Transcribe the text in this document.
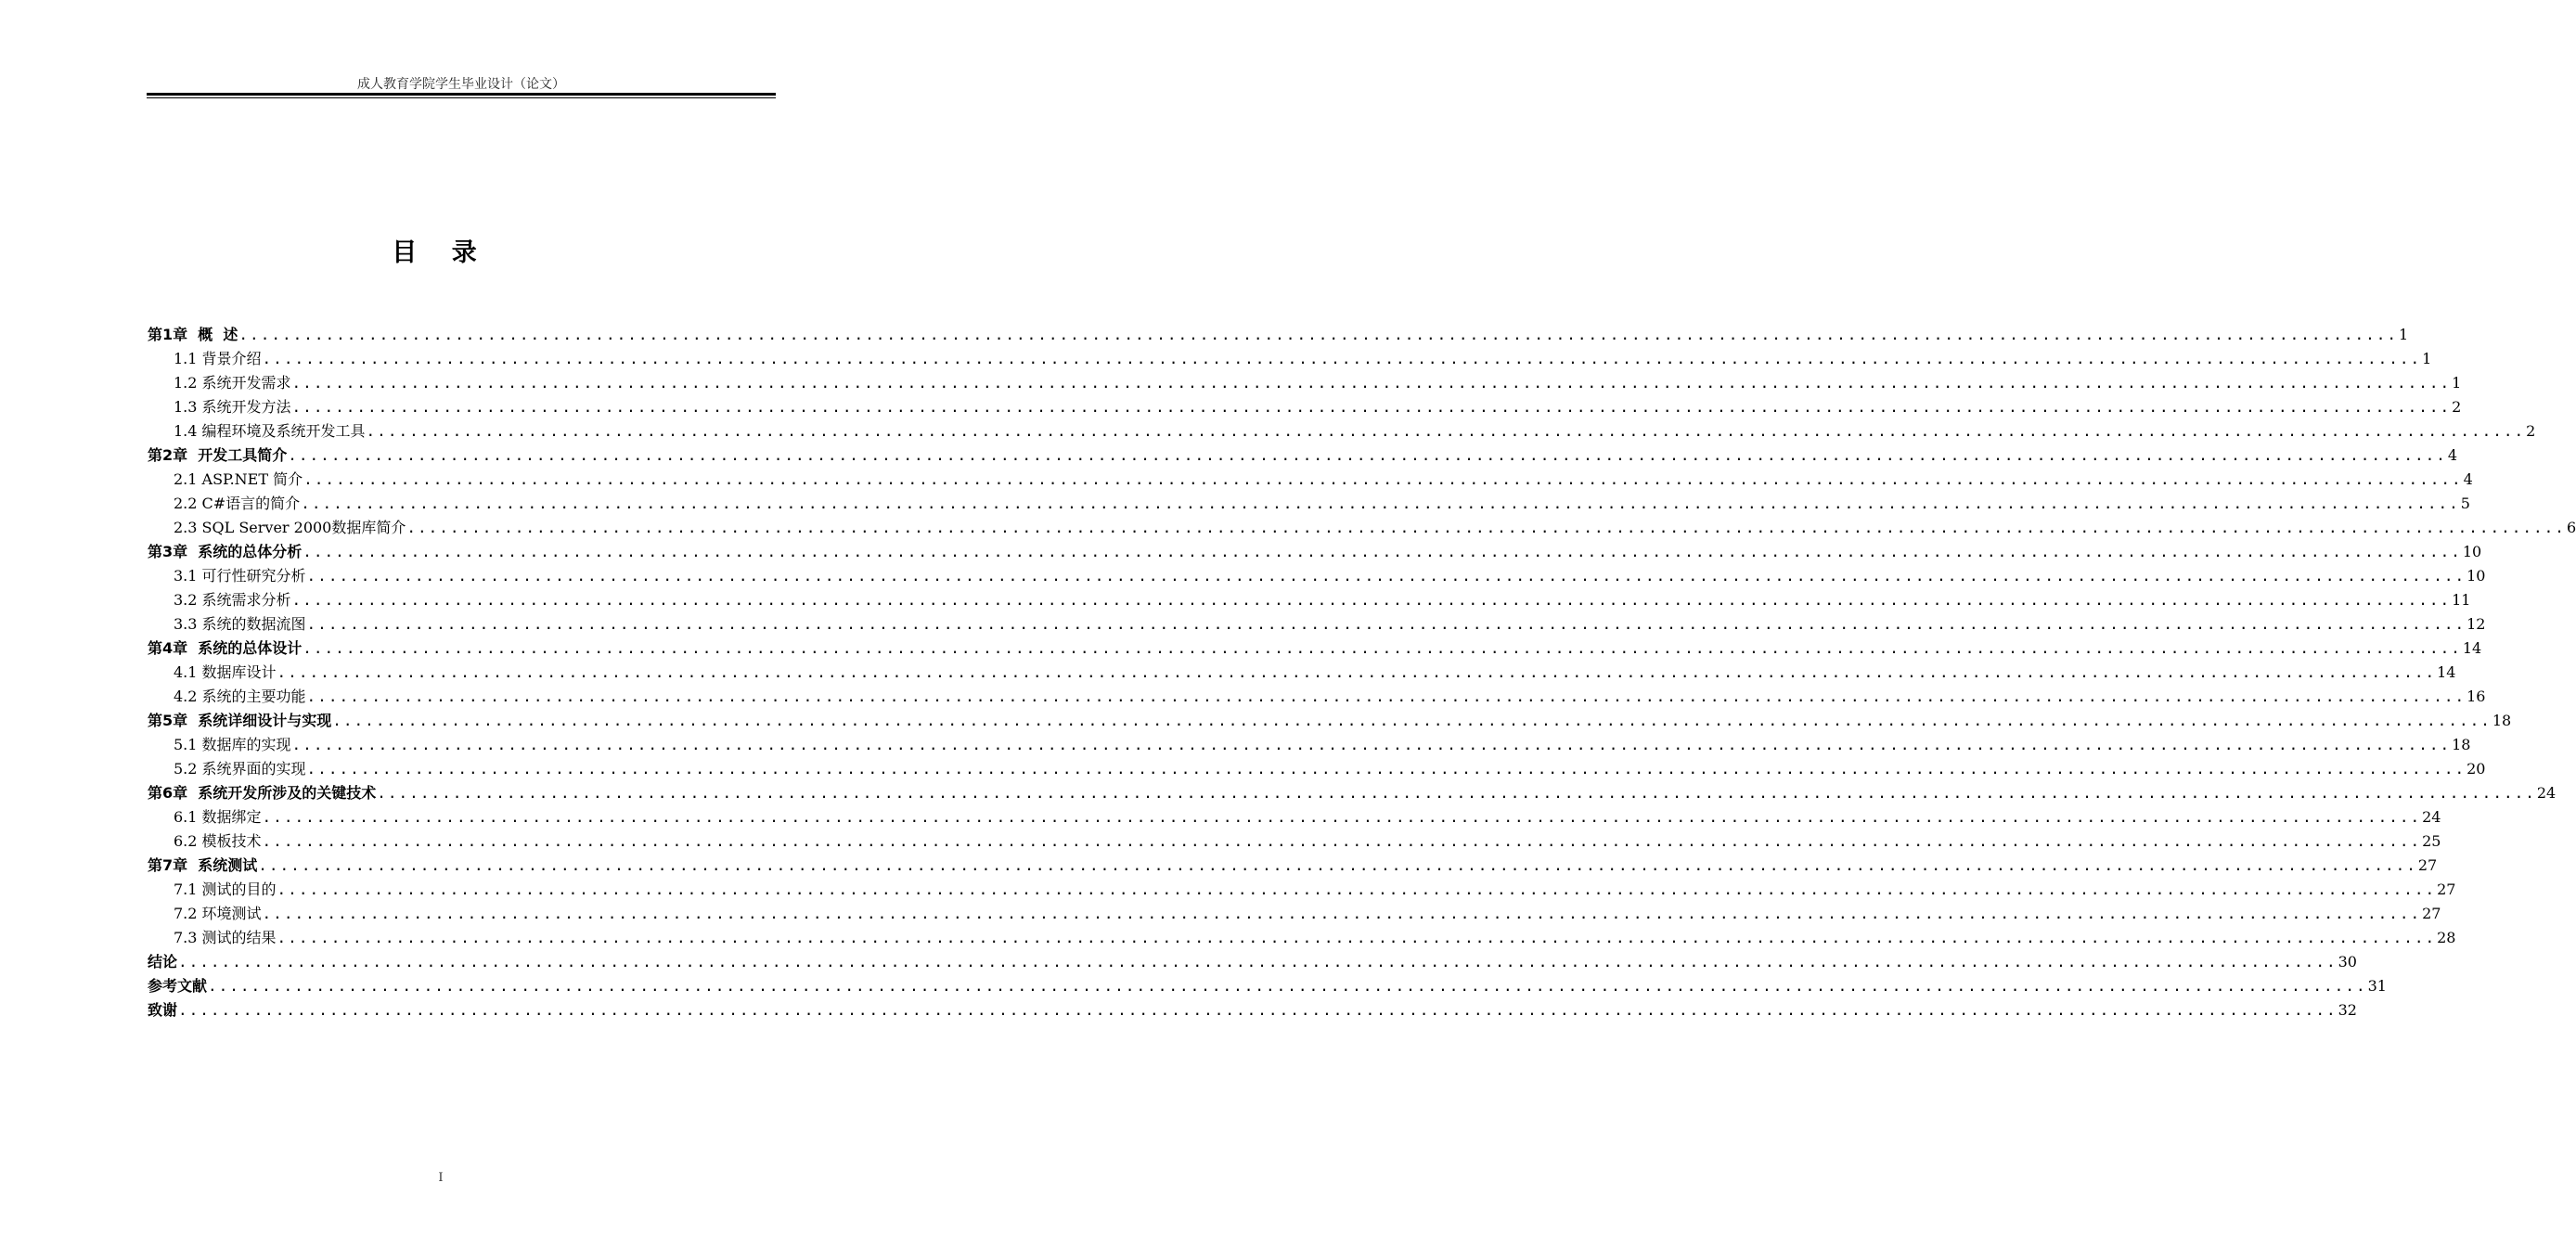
成人教育学院学生毕业设计（论文）
目 录
第1章  概  述 ........................................................................................................................................................................................................ 1
1.1 背景介绍 ........................................................................................................................................................................................................ 1
1.2 系统开发需求 ........................................................................................................................................................................................................ 1
1.3 系统开发方法 ........................................................................................................................................................................................................ 2
1.4 编程环境及系统开发工具 ........................................................................................................................................................................................................ 2
第2章  开发工具简介 ........................................................................................................................................................................................................ 4
2.1 ASP.NET 简介 ........................................................................................................................................................................................................ 4
2.2 C#语言的简介 ........................................................................................................................................................................................................ 5
2.3 SQL Server 2000数据库简介 ........................................................................................................................................................................................................ 6
第3章  系统的总体分析 ........................................................................................................................................................................................................ 10
3.1 可行性研究分析 ........................................................................................................................................................................................................ 10
3.2 系统需求分析 ........................................................................................................................................................................................................ 11
3.3 系统的数据流图 ........................................................................................................................................................................................................ 12
第4章  系统的总体设计 ........................................................................................................................................................................................................ 14
4.1 数据库设计 ........................................................................................................................................................................................................ 14
4.2 系统的主要功能 ........................................................................................................................................................................................................ 16
第5章  系统详细设计与实现 ........................................................................................................................................................................................................ 18
5.1 数据库的实现 ........................................................................................................................................................................................................ 18
5.2 系统界面的实现 ........................................................................................................................................................................................................ 20
第6章  系统开发所涉及的关键技术 ........................................................................................................................................................................................................ 24
6.1 数据绑定 ........................................................................................................................................................................................................ 24
6.2 模板技术 ........................................................................................................................................................................................................ 25
第7章  系统测试 ........................................................................................................................................................................................................ 27
7.1 测试的目的 ........................................................................................................................................................................................................ 27
7.2 环境测试 ........................................................................................................................................................................................................ 27
7.3 测试的结果 ........................................................................................................................................................................................................ 28
结论 ........................................................................................................................................................................................................ 30
参考文献 ........................................................................................................................................................................................................ 31
致谢 ........................................................................................................................................................................................................ 32
I
